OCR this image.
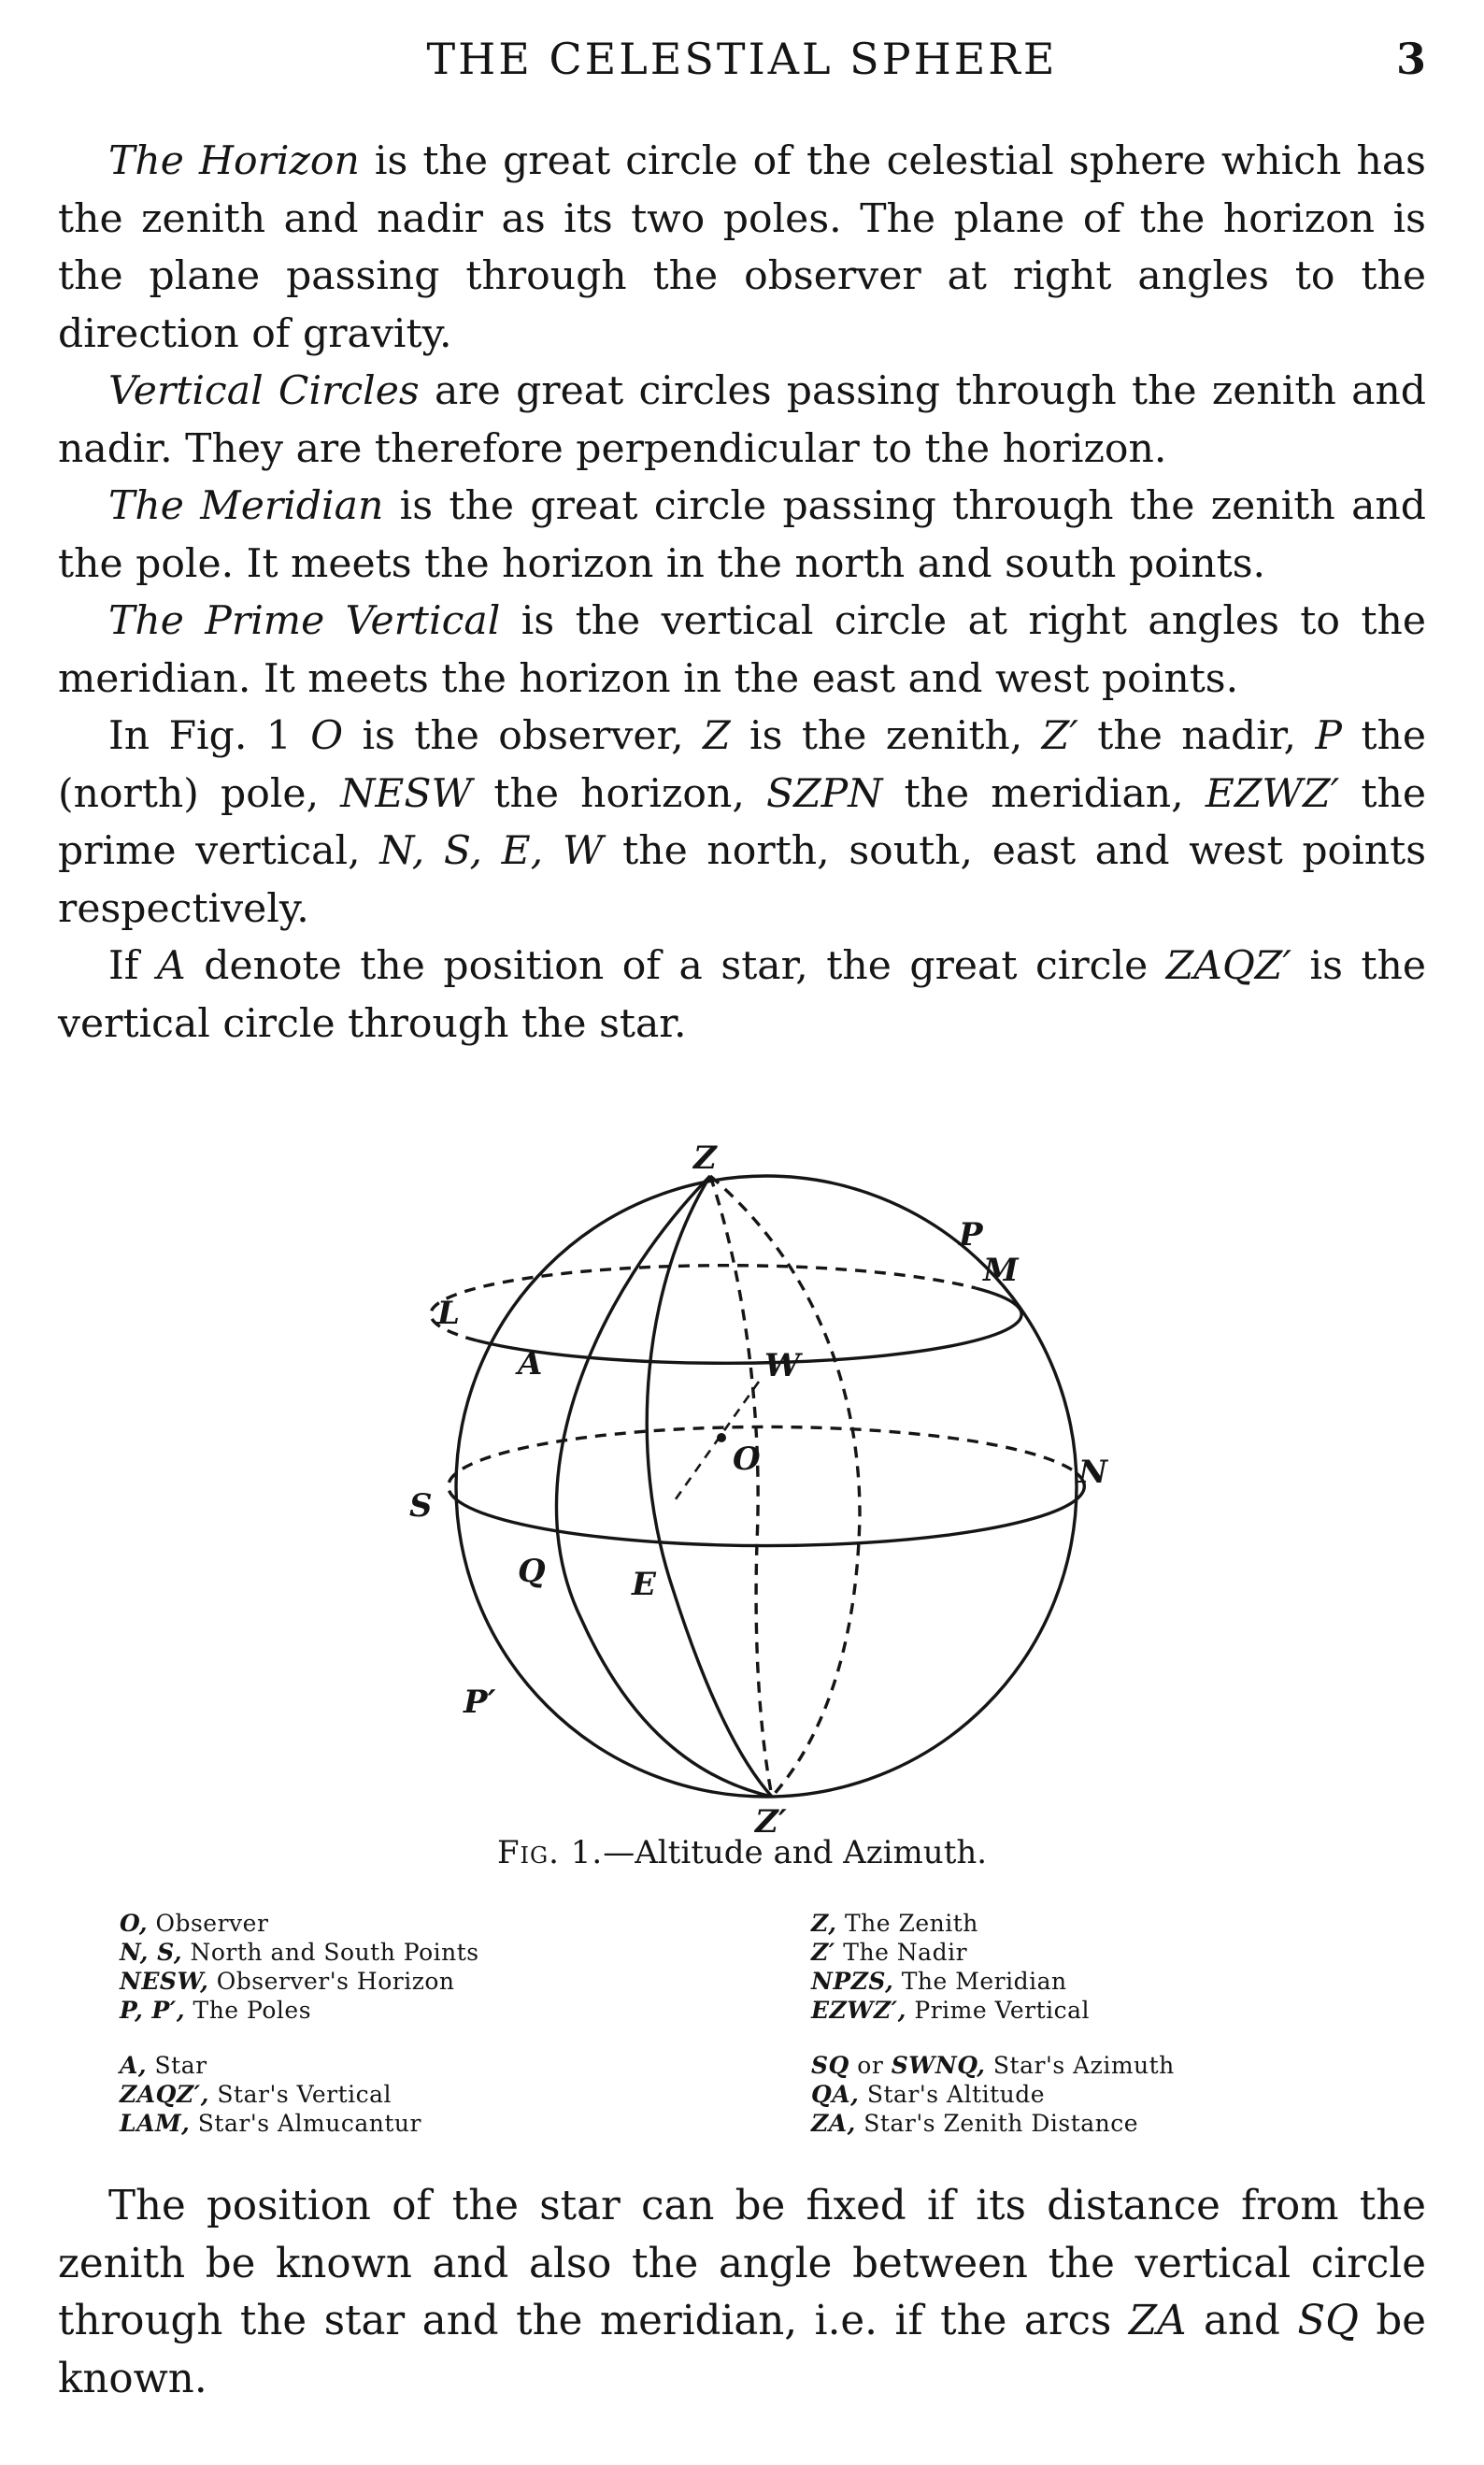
THE CELESTIAL SPHERE	3

The Horizon is the great circle of the celestial sphere which has the zenith and nadir as its two poles. The plane of the horizon is the plane passing through the observer at right angles to the direction of gravity.

Vertical Circles are great circles passing through the zenith and nadir. They are therefore perpendicular to the horizon.

The Meridian is the great circle passing through the zenith and the pole. It meets the horizon in the north and south points.

The Prime Vertical is the vertical circle at right angles to the meridian. It meets the horizon in the east and west points.

In Fig. 1 O is the observer, Z is the zenith, Z′ the nadir, P the (north) pole, NESW the horizon, SZPN the meridian, EZWZ′ the prime vertical, N, S, E, W the north, south, east and west points respectively.

If A denote the position of a star, the great circle ZAQZ′ is the vertical circle through the star.

Z
P
M
L
A	W
N
S
O
Q	E
P′
Z′
Fig. 1.—Altitude and Azimuth.
O, Observer
N, S, North and South Points
NESW, Observer's Horizon
P, P′, The Poles
A, Star
ZAQZ′, Star's Vertical
LAM, Star's Almucantur
Z, The Zenith
Z′ The Nadir
NPZS, The Meridian
EZWZ′, Prime Vertical
SQ or SWNQ, Star's Azimuth
QA, Star's Altitude
ZA, Star's Zenith Distance

The position of the star can be fixed if its distance from the zenith be known and also the angle between the vertical circle through the star and the meridian, i.e. if the arcs ZA and SQ be known.
